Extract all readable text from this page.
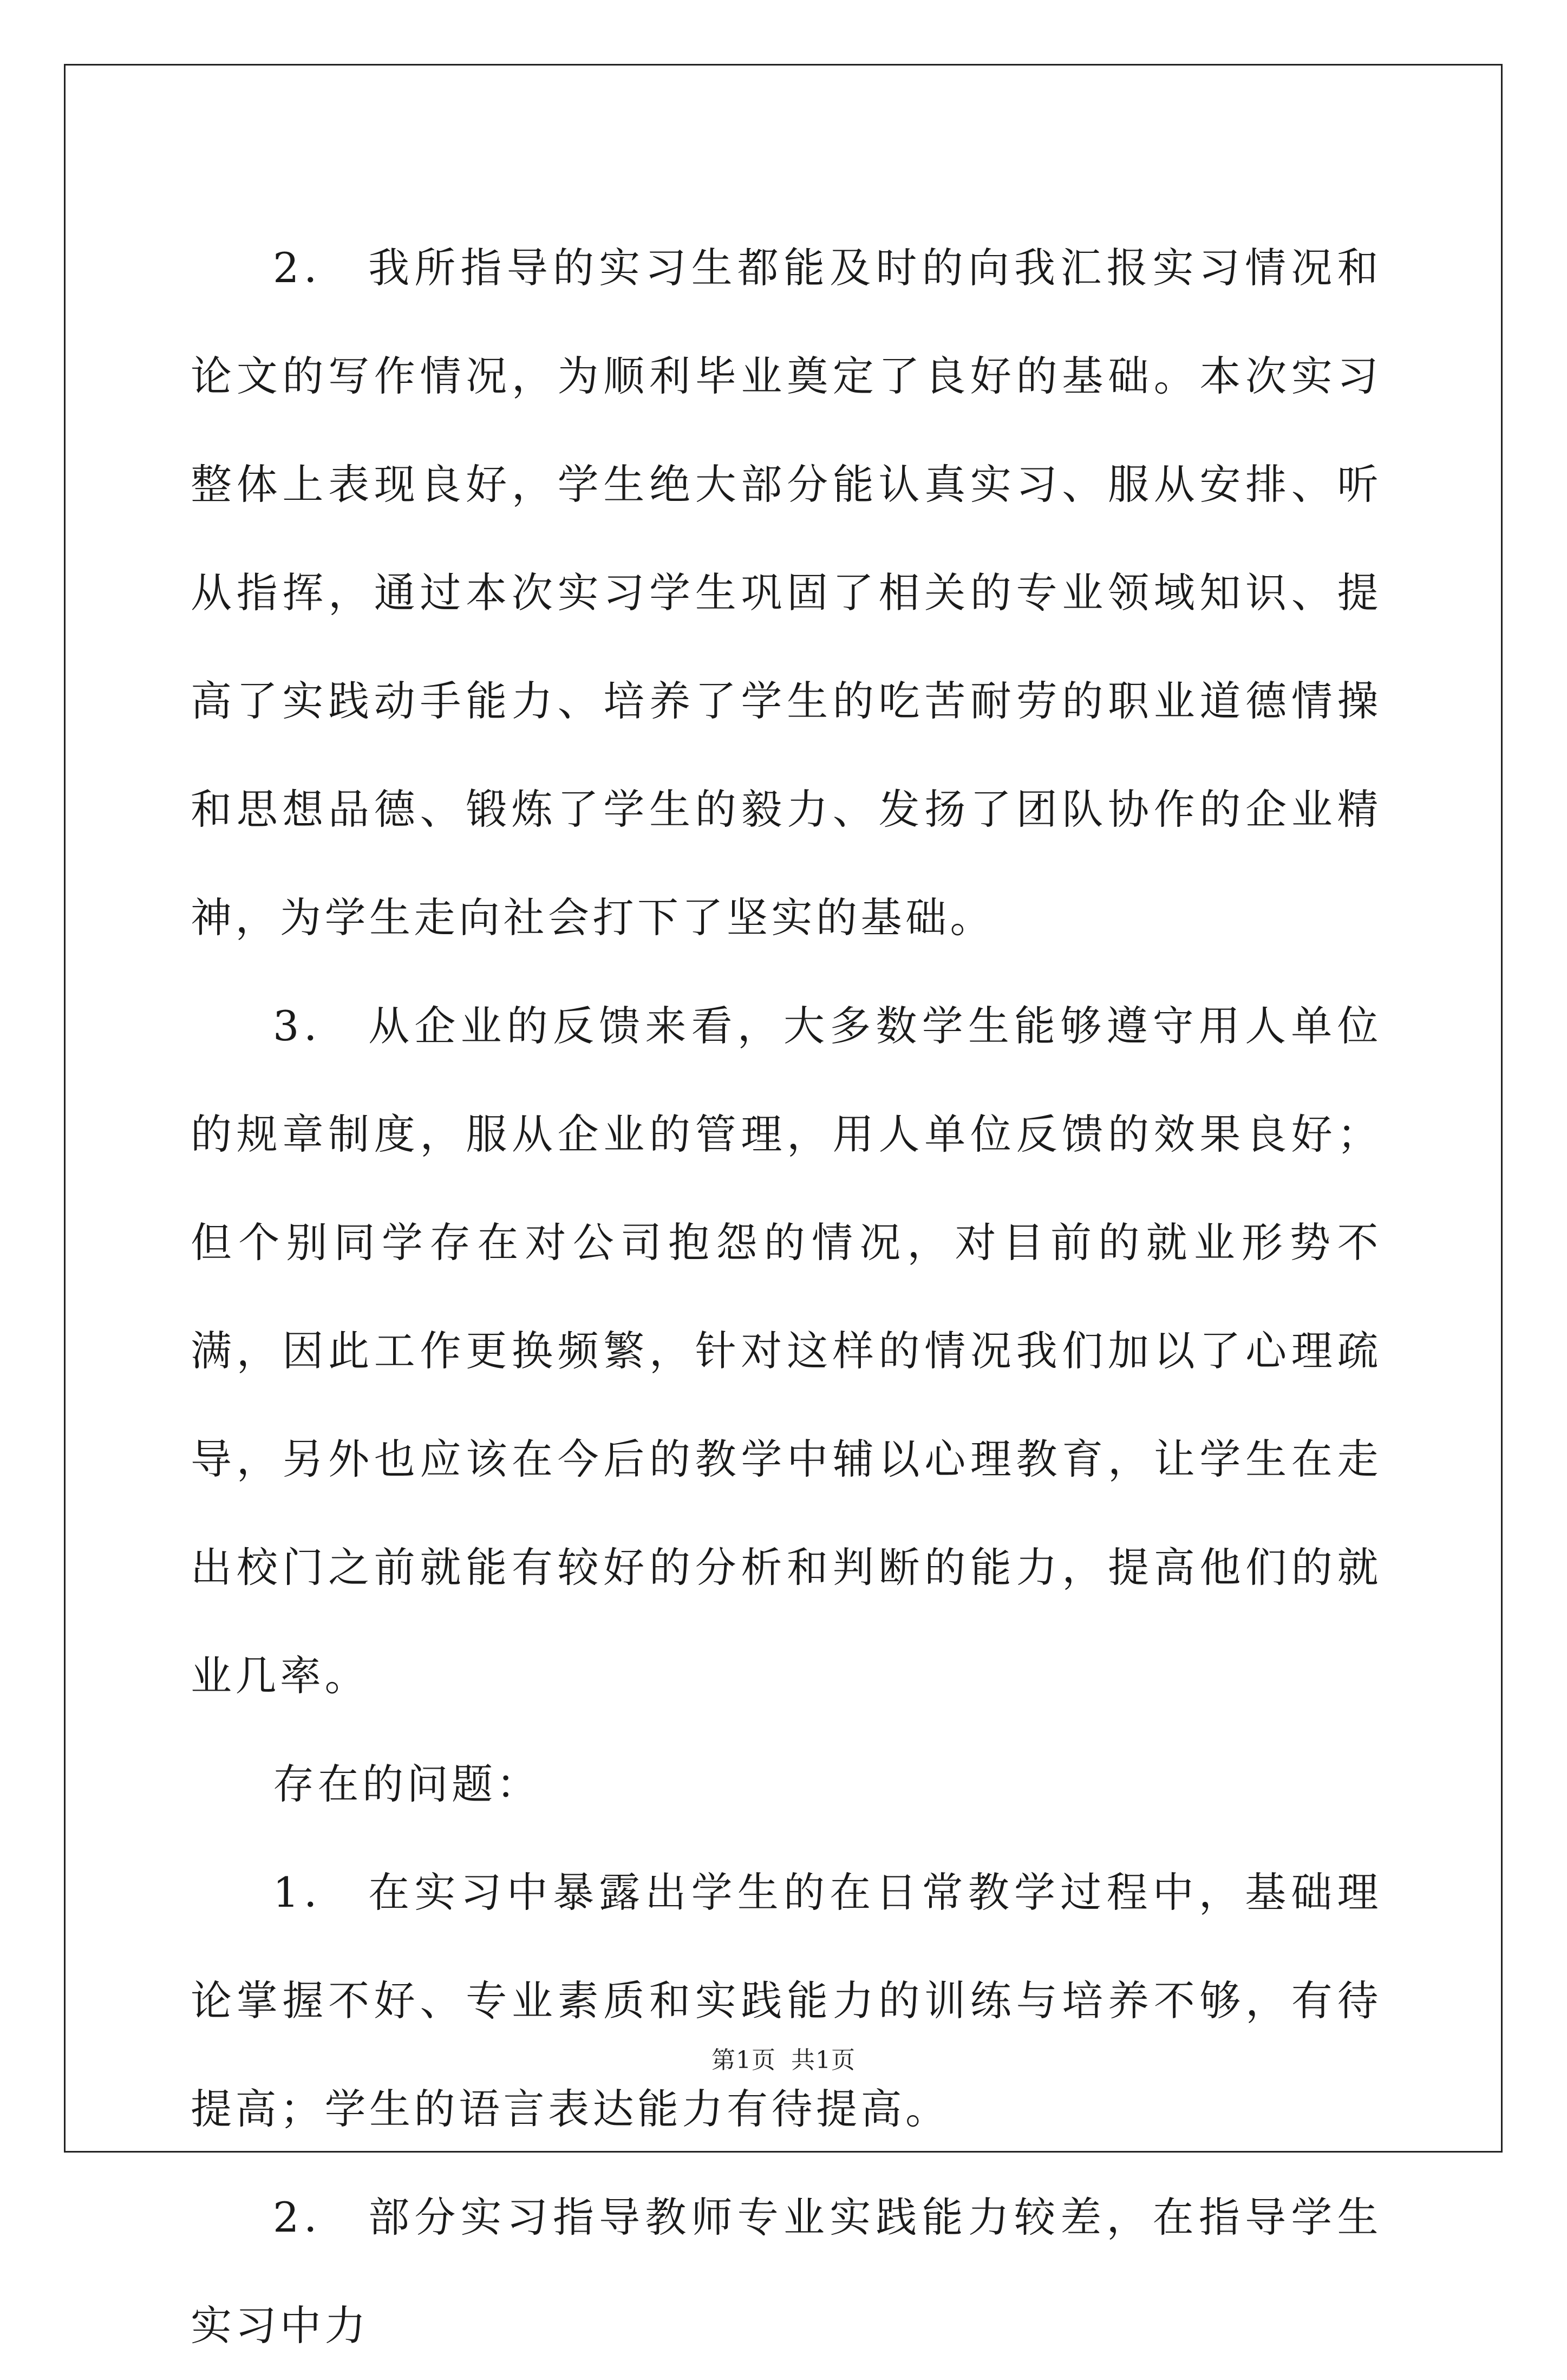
2． 我所指导的实习生都能及时的向我汇报实习情况和论文的写作情况，为顺利毕业奠定了良好的基础。本次实习整体上表现良好，学生绝大部分能认真实习、服从安排、听从指挥，通过本次实习学生巩固了相关的专业领域知识、提高了实践动手能力、培养了学生的吃苦耐劳的职业道德情操和思想品德、锻炼了学生的毅力、发扬了团队协作的企业精神，为学生走向社会打下了坚实的基础。

3． 从企业的反馈来看，大多数学生能够遵守用人单位的规章制度，服从企业的管理，用人单位反馈的效果良好；但个别同学存在对公司抱怨的情况，对目前的就业形势不满，因此工作更换频繁，针对这样的情况我们加以了心理疏导，另外也应该在今后的教学中辅以心理教育，让学生在走出校门之前就能有较好的分析和判断的能力，提高他们的就业几率。

存在的问题：

1． 在实习中暴露出学生的在日常教学过程中，基础理论掌握不好、专业素质和实践能力的训练与培养不够，有待提高；学生的语言表达能力有待提高。

2． 部分实习指导教师专业实践能力较差，在指导学生实习中力

第1页 共1页
